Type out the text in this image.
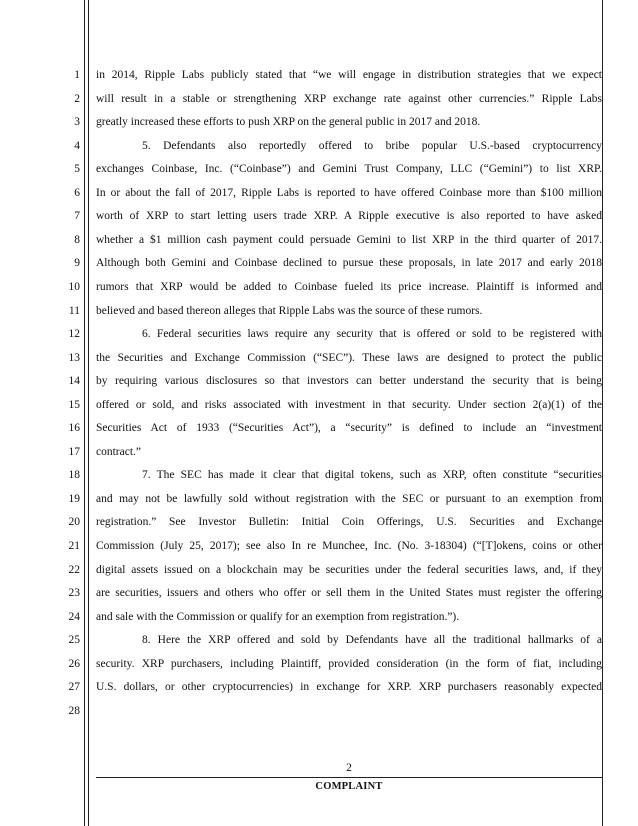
1
2
3
4
5
6
7
8
9
10
11
12
13
14
15
16
17
18
19
20
21
22
23
24
25
26
27
28
in 2014, Ripple Labs publicly stated that “we will engage in distribution strategies that we expect
will result in a stable or strengthening XRP exchange rate against other currencies.” Ripple Labs
greatly increased these efforts to push XRP on the general public in 2017 and 2018.
5. Defendants also reportedly offered to bribe popular U.S.-based cryptocurrency
exchanges Coinbase, Inc. (“Coinbase”) and Gemini Trust Company, LLC (“Gemini”) to list XRP.
In or about the fall of 2017, Ripple Labs is reported to have offered Coinbase more than $100 million
worth of XRP to start letting users trade XRP. A Ripple executive is also reported to have asked
whether a $1 million cash payment could persuade Gemini to list XRP in the third quarter of 2017.
Although both Gemini and Coinbase declined to pursue these proposals, in late 2017 and early 2018
rumors that XRP would be added to Coinbase fueled its price increase. Plaintiff is informed and
believed and based thereon alleges that Ripple Labs was the source of these rumors.
6. Federal securities laws require any security that is offered or sold to be registered with
the Securities and Exchange Commission (“SEC”). These laws are designed to protect the public
by requiring various disclosures so that investors can better understand the security that is being
offered or sold, and risks associated with investment in that security. Under section 2(a)(1) of the
Securities Act of 1933 (“Securities Act”), a “security” is defined to include an “investment
contract.”
7. The SEC has made it clear that digital tokens, such as XRP, often constitute “securities
and may not be lawfully sold without registration with the SEC or pursuant to an exemption from
registration.” See Investor Bulletin: Initial Coin Offerings, U.S. Securities and Exchange
Commission (July 25, 2017); see also In re Munchee, Inc. (No. 3-18304) (“[T]okens, coins or other
digital assets issued on a blockchain may be securities under the federal securities laws, and, if they
are securities, issuers and others who offer or sell them in the United States must register the offering
and sale with the Commission or qualify for an exemption from registration.”).
8. Here the XRP offered and sold by Defendants have all the traditional hallmarks of a
security. XRP purchasers, including Plaintiff, provided consideration (in the form of fiat, including
U.S. dollars, or other cryptocurrencies) in exchange for XRP. XRP purchasers reasonably expected
2
COMPLAINT
